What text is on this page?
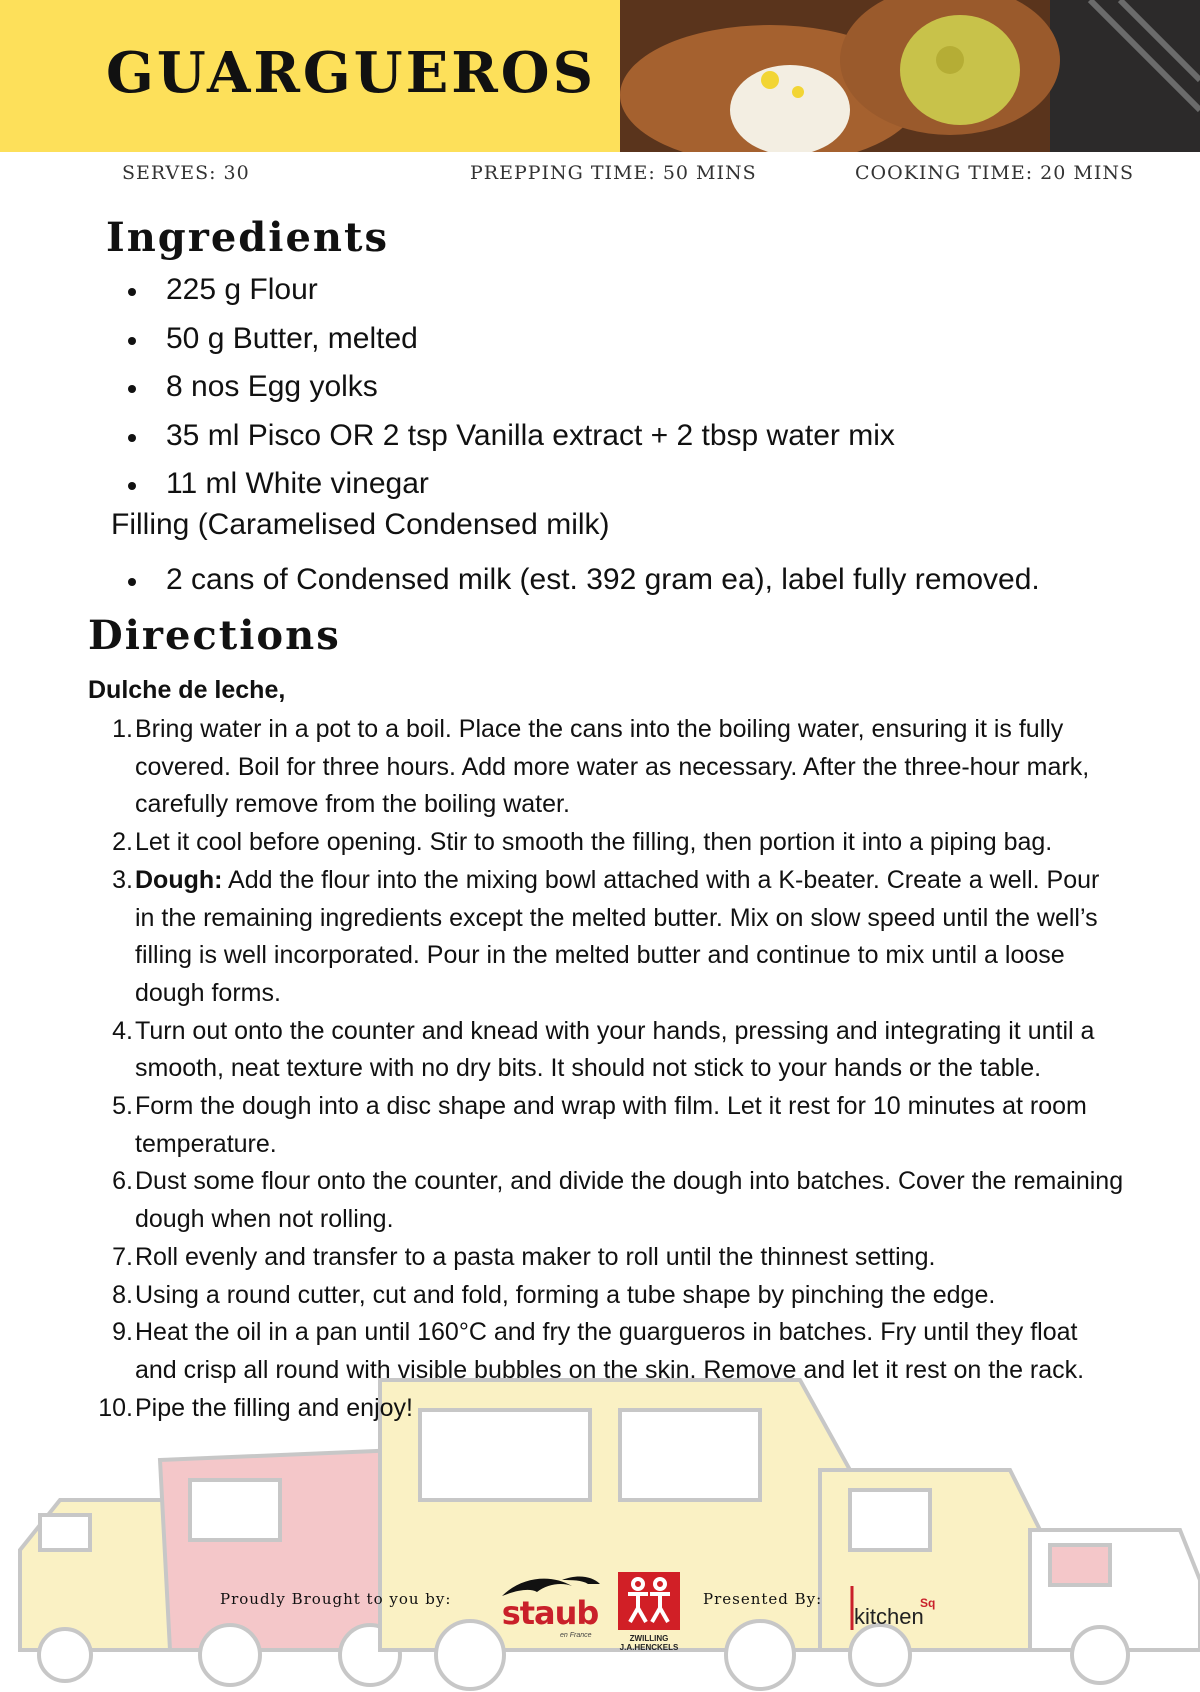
GUARGUEROS
SERVES: 30	PREPPING TIME: 50 MINS	COOKING TIME: 20 MINS
Ingredients
225 g Flour
50 g Butter, melted
8 nos Egg yolks
35 ml Pisco OR 2 tsp Vanilla extract + 2 tbsp water mix
11 ml White vinegar
Filling (Caramelised Condensed milk)
2 cans of Condensed milk (est. 392 gram ea), label fully removed.
Directions
Dulche de leche,
1. Bring water in a pot to a boil. Place the cans into the boiling water, ensuring it is fully covered. Boil for three hours. Add more water as necessary. After the three-hour mark, carefully remove from the boiling water.
2. Let it cool before opening. Stir to smooth the filling, then portion it into a piping bag.
3. Dough: Add the flour into the mixing bowl attached with a K-beater. Create a well. Pour in the remaining ingredients except the melted butter. Mix on slow speed until the well’s filling is well incorporated. Pour in the melted butter and continue to mix until a loose dough forms.
4. Turn out onto the counter and knead with your hands, pressing and integrating it until a smooth, neat texture with no dry bits. It should not stick to your hands or the table.
5. Form the dough into a disc shape and wrap with film. Let it rest for 10 minutes at room temperature.
6. Dust some flour onto the counter, and divide the dough into batches. Cover the remaining dough when not rolling.
7. Roll evenly and transfer to a pasta maker to roll until the thinnest setting.
8. Using a round cutter, cut and fold, forming a tube shape by pinching the edge.
9. Heat the oil in a pan until 160°C and fry the guargueros in batches. Fry until they float and crisp all round with visible bubbles on the skin. Remove and let it rest on the rack.
10. Pipe the filling and enjoy!
Proudly Brought to you by:	staub
en France	ZWILLING J.A.HENCKELS
Presented By:
kitchen
Sq
